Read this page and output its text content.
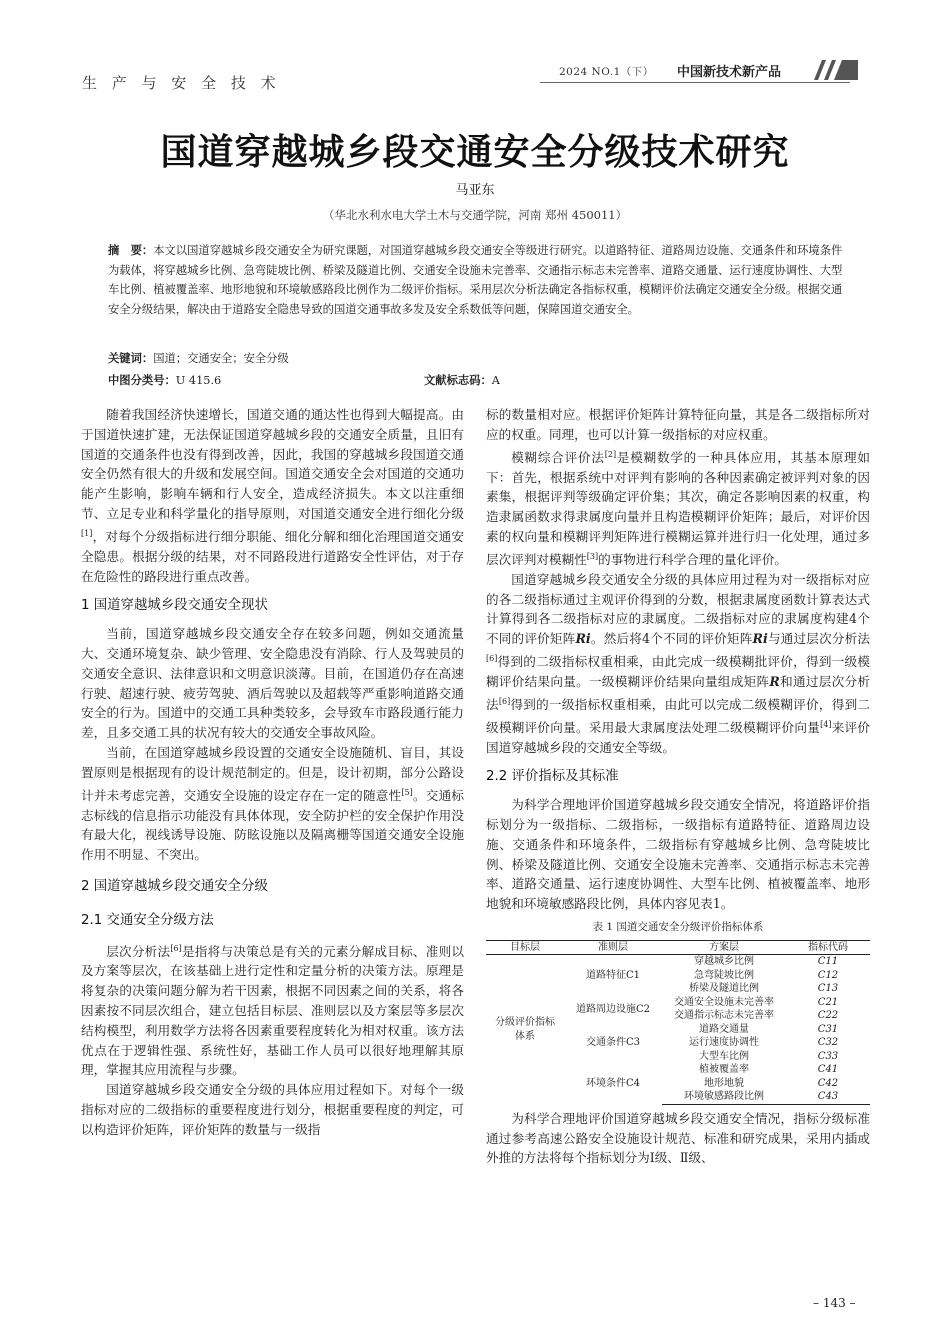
生 产 与 安 全 技 术
2024 NO.1（下） 中国新技术新产品
国道穿越城乡段交通安全分级技术研究
马亚东
（华北水利水电大学土木与交通学院，河南 郑州 450011）

摘　要：本文以国道穿越城乡段交通安全为研究课题，对国道穿越城乡段交通安全等级进行研究。以道路特征、道路周边设施、交通条件和环境条件为载体，将穿越城乡比例、急弯陡坡比例、桥梁及隧道比例、交通安全设施未完善率、交通指示标志未完善率、道路交通量、运行速度协调性、大型车比例、植被覆盖率、地形地貌和环境敏感路段比例作为二级评价指标。采用层次分析法确定各指标权重，模糊评价法确定交通安全分级。根据交通安全分级结果，解决由于道路安全隐患导致的国道交通事故多发及安全系数低等问题，保障国道交通安全。

关键词：国道；交通安全；安全分级
中图分类号：U 415.6	文献标志码：A

随着我国经济快速增长，国道交通的通达性也得到大幅提高。由于国道快速扩建，无法保证国道穿越城乡段的交通安全质量，且旧有国道的交通条件也没有得到改善，因此，我国的穿越城乡段国道交通安全仍然有很大的升级和发展空间。国道交通安全会对国道的交通功能产生影响，影响车辆和行人安全，造成经济损失。本文以注重细节、立足专业和科学量化的指导原则，对国道交通安全进行细化分级[1]，对每个分级指标进行细分职能、细化分解和细化治理国道交通安全隐患。根据分级的结果，对不同路段进行道路安全性评估，对于存在危险性的路段进行重点改善。

1 国道穿越城乡段交通安全现状

当前，国道穿越城乡段交通安全存在较多问题，例如交通流量大、交通环境复杂、缺少管理、安全隐患没有消除、行人及驾驶员的交通安全意识、法律意识和文明意识淡薄。目前，在国道仍存在高速行驶、超速行驶、疲劳驾驶、酒后驾驶以及超载等严重影响道路交通安全的行为。国道中的交通工具种类较多，会导致车市路段通行能力差，且多交通工具的状况有较大的交通安全事故风险。

当前，在国道穿越城乡段设置的交通安全设施随机、盲目，其设置原则是根据现有的设计规范制定的。但是，设计初期，部分公路设计并未考虑完善，交通安全设施的设定存在一定的随意性[5]。交通标志标线的信息指示功能没有具体体现，安全防护栏的安全保护作用没有最大化，视线诱导设施、防眩设施以及隔离栅等国道交通安全设施作用不明显、不突出。

2 国道穿越城乡段交通安全分级
2.1 交通安全分级方法

层次分析法[6]是指将与决策总是有关的元素分解成目标、准则以及方案等层次，在该基础上进行定性和定量分析的决策方法。原理是将复杂的决策问题分解为若干因素，根据不同因素之间的关系，将各因素按不同层次组合，建立包括目标层、准则层以及方案层等多层次结构模型，利用数学方法将各因素重要程度转化为相对权重。该方法优点在于逻辑性强、系统性好，基础工作人员可以很好地理解其原理，掌握其应用流程与步骤。

国道穿越城乡段交通安全分级的具体应用过程如下。对每个一级指标对应的二级指标的重要程度进行划分，根据重要程度的判定，可以构造评价矩阵，评价矩阵的数量与一级指

标的数量相对应。根据评价矩阵计算特征向量，其是各二级指标所对应的权重。同理，也可以计算一级指标的对应权重。

模糊综合评价法[2]是模糊数学的一种具体应用，其基本原理如下：首先，根据系统中对评判有影响的各种因素确定被评判对象的因素集，根据评判等级确定评价集；其次，确定各影响因素的权重，构造隶属函数求得隶属度向量并且构造模糊评价矩阵；最后，对评价因素的权向量和模糊评判矩阵进行模糊运算并进行归一化处理，通过多层次评判对模糊性[3]的事物进行科学合理的量化评价。

国道穿越城乡段交通安全分级的具体应用过程为对一级指标对应的各二级指标通过主观评价得到的分数，根据隶属度函数计算表达式计算得到各二级指标对应的隶属度。二级指标对应的隶属度构建4个不同的评价矩阵Ri。然后将4个不同的评价矩阵Ri与通过层次分析法[6]得到的二级指标权重相乘，由此完成一级模糊批评价，得到一级模糊评价结果向量。一级模糊评价结果向量组成矩阵R和通过层次分析法[6]得到的一级指标权重相乘，由此可以完成二级模糊评价，得到二级模糊评价向量。采用最大隶属度法处理二级模糊评价向量[4]来评价国道穿越城乡段的交通安全等级。

2.2 评价指标及其标准

为科学合理地评价国道穿越城乡段交通安全情况，将道路评价指标划分为一级指标、二级指标，一级指标有道路特征、道路周边设施、交通条件和环境条件，二级指标有穿越城乡比例、急弯陡坡比例、桥梁及隧道比例、交通安全设施未完善率、交通指示标志未完善率、道路交通量、运行速度协调性、大型车比例、植被覆盖率、地形地貌和环境敏感路段比例，具体内容见表1。

表 1 国道交通安全分级评价指标体系
目标层	准则层	方案层	指标代码
分级评价指标体系	道路特征C1	穿越城乡比例	C11
		急弯陡坡比例	C12
		桥梁及隧道比例	C13
	道路周边设施C2	交通安全设施未完善率	C21
		交通指示标志未完善率	C22
	交通条件C3	道路交通量	C31
		运行速度协调性	C32
		大型车比例	C33
	环境条件C4	植被覆盖率	C41
		地形地貌	C42
		环境敏感路段比例	C43

为科学合理地评价国道穿越城乡段交通安全情况，指标分级标准通过参考高速公路安全设施设计规范、标准和研究成果，采用内插或外推的方法将每个指标划分为Ⅰ级、Ⅱ级、

– 143 –
